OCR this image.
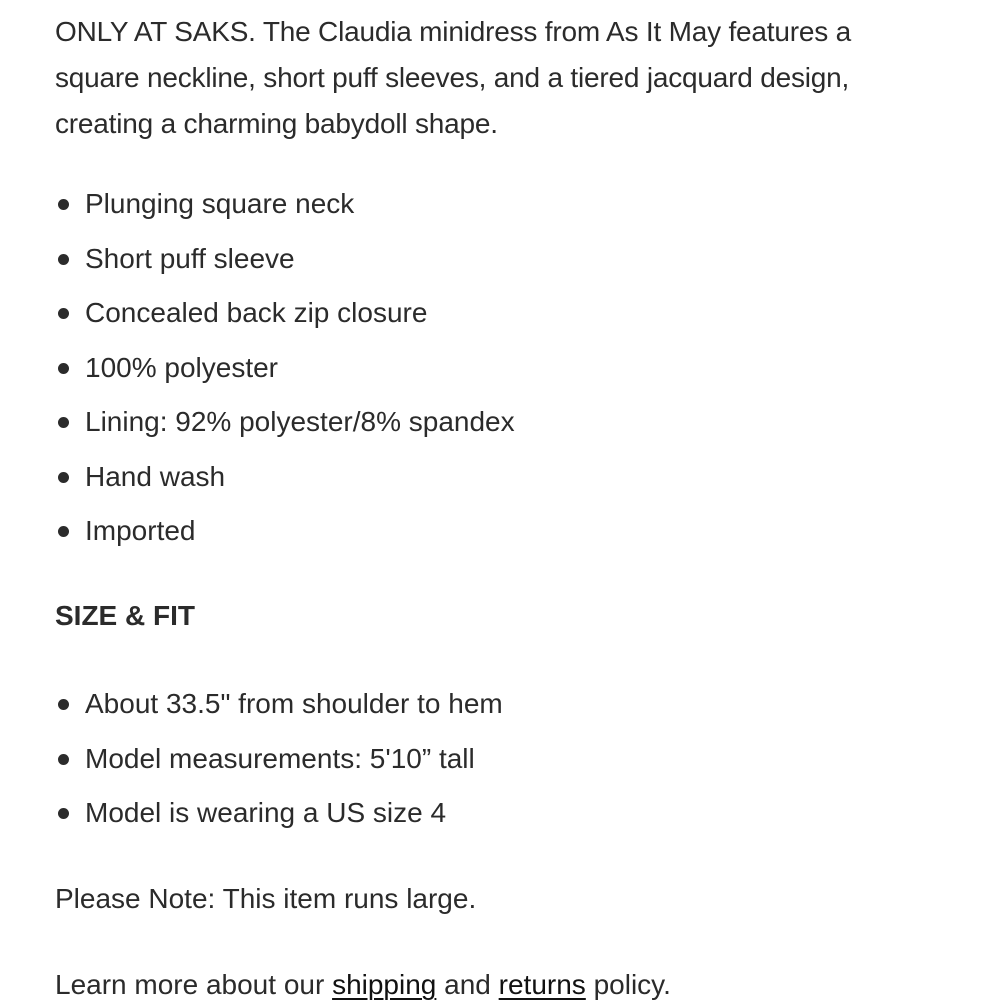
ONLY AT SAKS. The Claudia minidress from As It May features a square neckline, short puff sleeves, and a tiered jacquard design, creating a charming babydoll shape.

Plunging square neck
Short puff sleeve
Concealed back zip closure
100% polyester
Lining: 92% polyester/8% spandex
Hand wash
Imported
SIZE & FIT
About 33.5" from shoulder to hem
Model measurements: 5'10” tall
Model is wearing a US size 4

Please Note: This item runs large.

Learn more about our shipping and returns policy.
